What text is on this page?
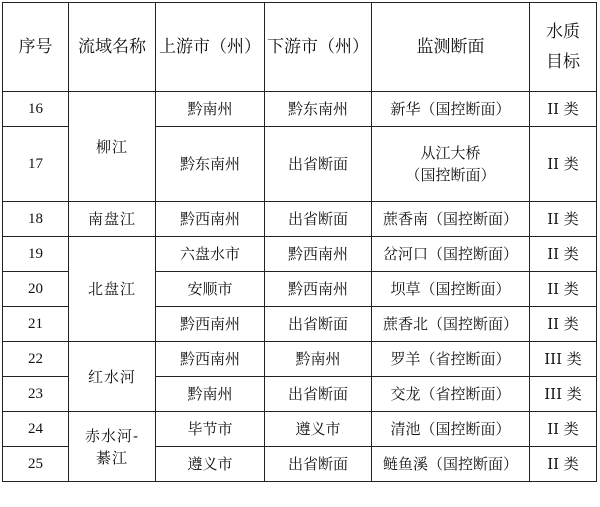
序号	流域名称	上游市（州）	下游市（州）	监测断面	水质
目标
16	柳江	黔南州	黔东南州	新华（国控断面）	II 类
17		黔东南州	出省断面	从江大桥
（国控断面）	II 类
18	南盘江	黔西南州	出省断面	蔗香南（国控断面）	II 类
19	北盘江	六盘水市	黔西南州	岔河口（国控断面）	II 类
20		安顺市	黔西南州	坝草（国控断面）	II 类
21		黔西南州	出省断面	蔗香北（国控断面）	II 类
22	红水河	黔西南州	黔南州	罗羊（省控断面）	III 类
23		黔南州	出省断面	交龙（省控断面）	III 类
24	赤水河-
綦江	毕节市	遵义市	清池（国控断面）	II 类
25		遵义市	出省断面	鲢鱼溪（国控断面）	II 类
